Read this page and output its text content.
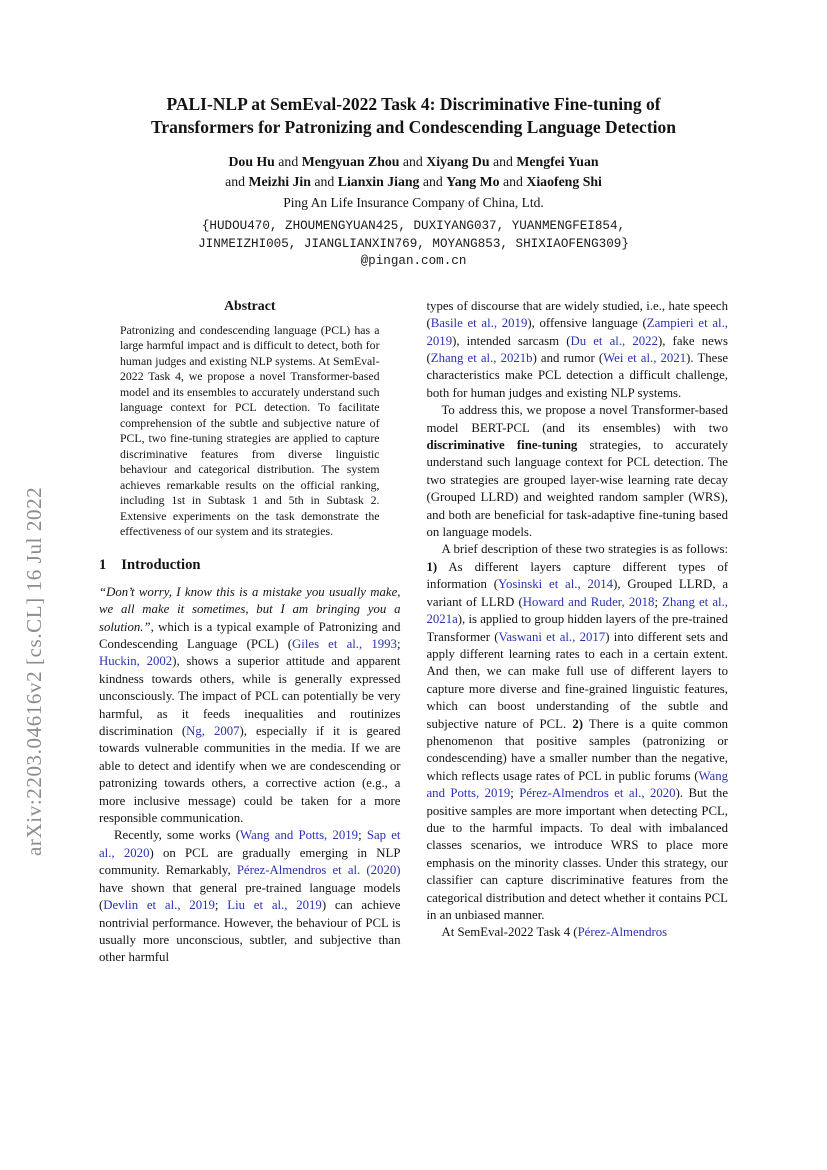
arXiv:2203.04616v2 [cs.CL] 16 Jul 2022
PALI-NLP at SemEval-2022 Task 4: Discriminative Fine-tuning of
Transformers for Patronizing and Condescending Language Detection
Dou Hu and Mengyuan Zhou and Xiyang Du and Mengfei Yuan
and Meizhi Jin and Lianxin Jiang and Yang Mo and Xiaofeng Shi
Ping An Life Insurance Company of China, Ltd.
{HUDOU470, ZHOUMENGYUAN425, DUXIYANG037, YUANMENGFEI854,
JINMEIZHI005, JIANGLIANXIN769, MOYANG853, SHIXIAOFENG309}
@pingan.com.cn
Abstract
Patronizing and condescending language (PCL) has a large harmful impact and is difficult to detect, both for human judges and existing NLP systems. At SemEval-2022 Task 4, we propose a novel Transformer-based model and its ensembles to accurately understand such language context for PCL detection. To facilitate comprehension of the subtle and subjective nature of PCL, two fine-tuning strategies are applied to capture discriminative features from diverse linguistic behaviour and categorical distribution. The system achieves remarkable results on the official ranking, including 1st in Subtask 1 and 5th in Subtask 2. Extensive experiments on the task demonstrate the effectiveness of our system and its strategies.
1 Introduction

“Don’t worry, I know this is a mistake you usually make, we all make it sometimes, but I am bringing you a solution.”, which is a typical example of Patronizing and Condescending Language (PCL) (Giles et al., 1993; Huckin, 2002), shows a superior attitude and apparent kindness towards others, while is generally expressed unconsciously. The impact of PCL can potentially be very harmful, as it feeds inequalities and routinizes discrimination (Ng, 2007), especially if it is geared towards vulnerable communities in the media. If we are able to detect and identify when we are condescending or patronizing towards others, a corrective action (e.g., a more inclusive message) could be taken for a more responsible communication.

Recently, some works (Wang and Potts, 2019; Sap et al., 2020) on PCL are gradually emerging in NLP community. Remarkably, Pérez-Almendros et al. (2020) have shown that general pre-trained language models (Devlin et al., 2019; Liu et al., 2019) can achieve nontrivial performance. However, the behaviour of PCL is usually more unconscious, subtler, and subjective than other harmful

types of discourse that are widely studied, i.e., hate speech (Basile et al., 2019), offensive language (Zampieri et al., 2019), intended sarcasm (Du et al., 2022), fake news (Zhang et al., 2021b) and rumor (Wei et al., 2021). These characteristics make PCL detection a difficult challenge, both for human judges and existing NLP systems.

To address this, we propose a novel Transformer-based model BERT-PCL (and its ensembles) with two discriminative fine-tuning strategies, to accurately understand such language context for PCL detection. The two strategies are grouped layer-wise learning rate decay (Grouped LLRD) and weighted random sampler (WRS), and both are beneficial for task-adaptive fine-tuning based on language models.

A brief description of these two strategies is as follows: 1) As different layers capture different types of information (Yosinski et al., 2014), Grouped LLRD, a variant of LLRD (Howard and Ruder, 2018; Zhang et al., 2021a), is applied to group hidden layers of the pre-trained Transformer (Vaswani et al., 2017) into different sets and apply different learning rates to each in a certain extent. And then, we can make full use of different layers to capture more diverse and fine-grained linguistic features, which can boost understanding of the subtle and subjective nature of PCL. 2) There is a quite common phenomenon that positive samples (patronizing or condescending) have a smaller number than the negative, which reflects usage rates of PCL in public forums (Wang and Potts, 2019; Pérez-Almendros et al., 2020). But the positive samples are more important when detecting PCL, due to the harmful impacts. To deal with imbalanced classes scenarios, we introduce WRS to place more emphasis on the minority classes. Under this strategy, our classifier can capture discriminative features from the categorical distribution and detect whether it contains PCL in an unbiased manner.

At SemEval-2022 Task 4 (Pérez-Almendros
